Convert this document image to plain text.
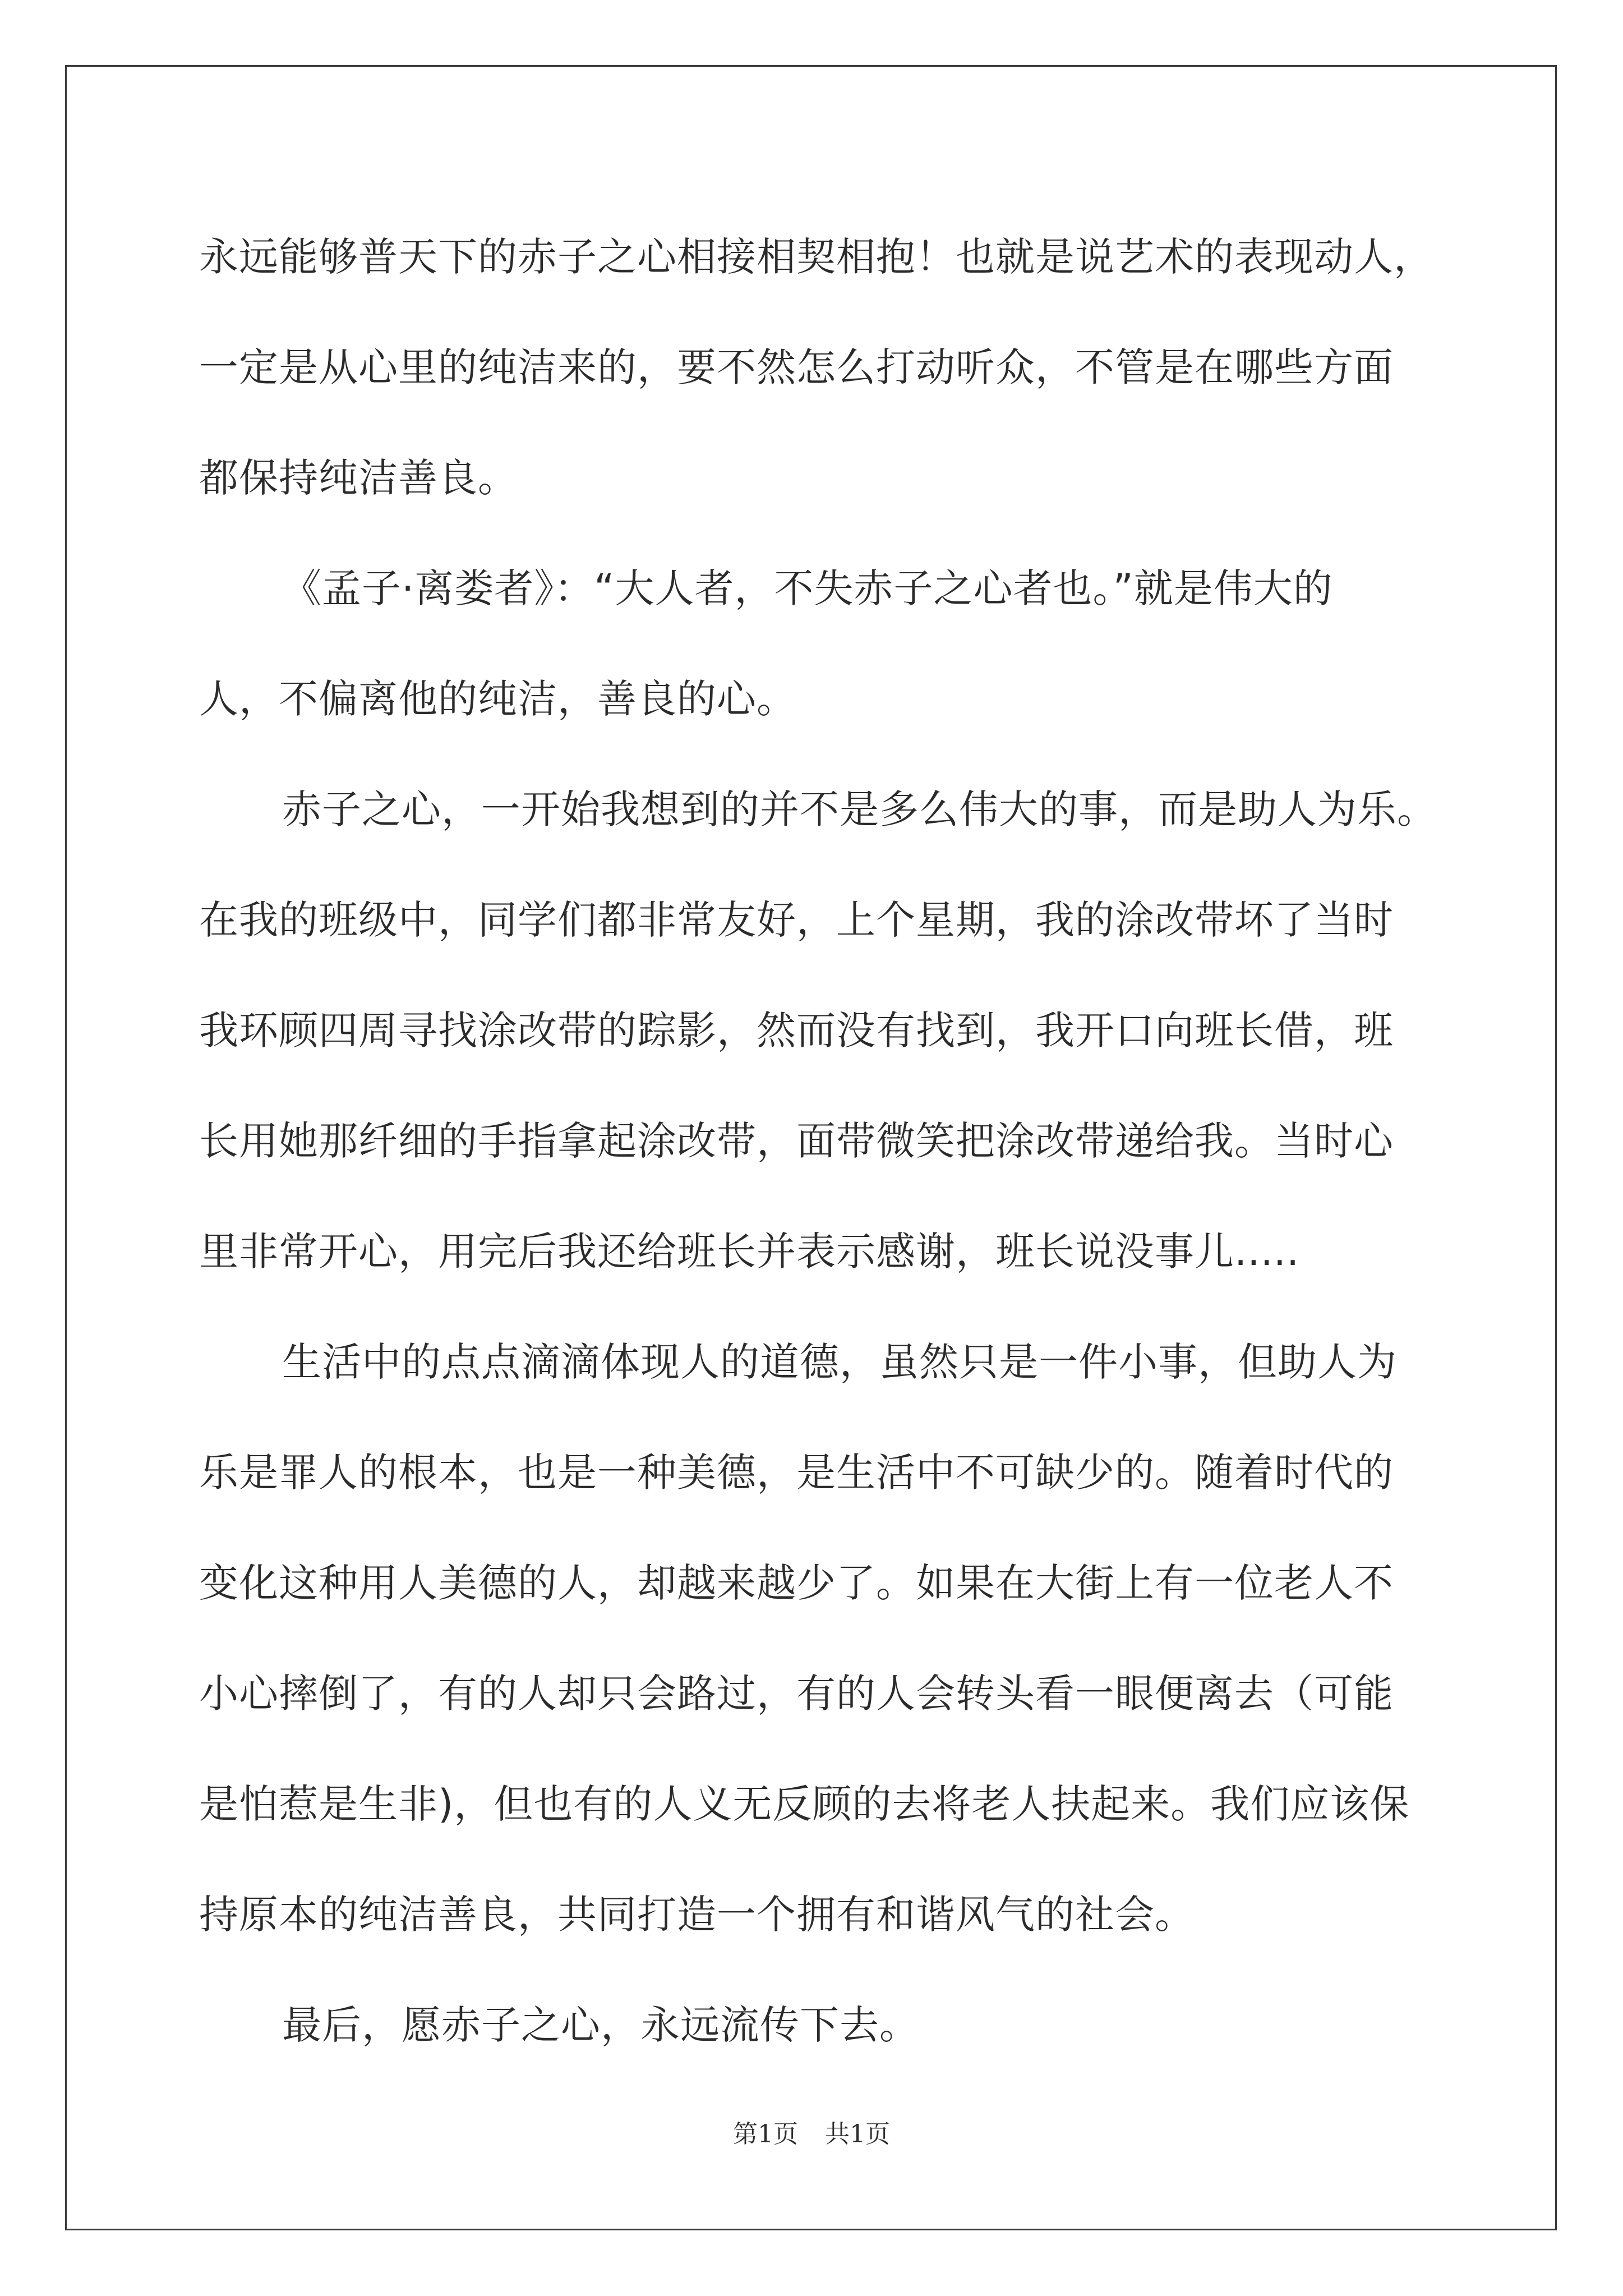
永远能够普天下的赤子之心相接相契相抱！也就是说艺术的表现动人，
一定是从心里的纯洁来的，要不然怎么打动听众，不管是在哪些方面
都保持纯洁善良。
《孟子·离娄者》：“大人者，不失赤子之心者也。”就是伟大的
人，不偏离他的纯洁，善良的心。
赤子之心，一开始我想到的并不是多么伟大的事，而是助人为乐。
在我的班级中，同学们都非常友好，上个星期，我的涂改带坏了当时
我环顾四周寻找涂改带的踪影，然而没有找到，我开口向班长借，班
长用她那纤细的手指拿起涂改带，面带微笑把涂改带递给我。当时心
里非常开心，用完后我还给班长并表示感谢，班长说没事儿.....
生活中的点点滴滴体现人的道德，虽然只是一件小事，但助人为
乐是罪人的根本，也是一种美德，是生活中不可缺少的。随着时代的
变化这种用人美德的人，却越来越少了。如果在大街上有一位老人不
小心摔倒了，有的人却只会路过，有的人会转头看一眼便离去（可能
是怕惹是生非)，但也有的人义无反顾的去将老人扶起来。我们应该保
持原本的纯洁善良，共同打造一个拥有和谐风气的社会。
最后，愿赤子之心，永远流传下去。
第1页 共1页
